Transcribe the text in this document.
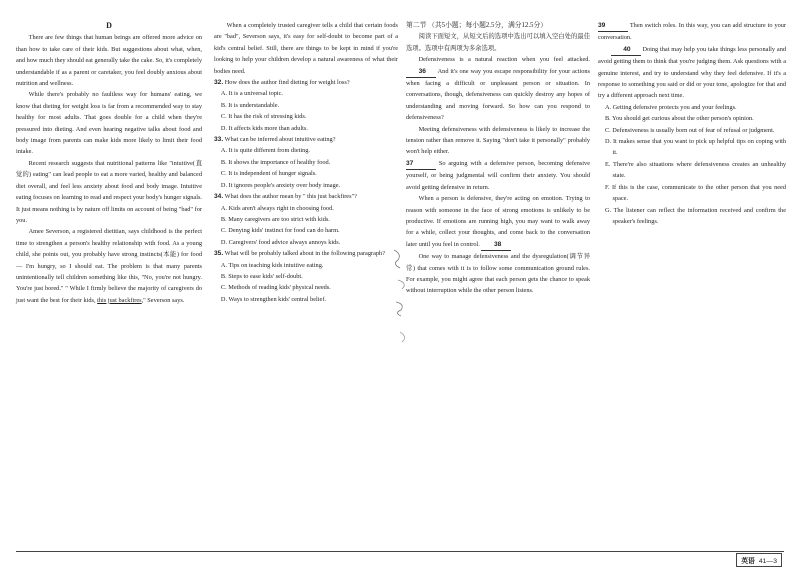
D

There are few things that human beings are offered more advice on than how to take care of their kids. But suggestions about what, when, and how much they should eat generally take the cake. So, it's completely understandable if as a parent or caretaker, you feel doubly anxious about nutrition and wellness.

While there's probably no faultless way for humans' eating, we know that dieting for weight loss is far from a recommended way to stay healthy for most adults. That goes double for a child when they're pressured into dieting. And even hearing negative talks about food and body image from parents can make kids more likely to limit their food intake.

Recent research suggests that nutritional patterns like "intuitive(直觉的) eating" can lead people to eat a more varied, healthy and balanced diet overall, and feel less anxiety about food and body image. Intuitive eating focuses on learning to read and respect your body's hunger signals. It just means nothing is by nature off limits on account of being "bad" for you.

Amee Severson, a registered dietitian, says childhood is the perfect time to strengthen a person's healthy relationship with food. As a young child, she points out, you probably have strong instincts(本能) for food — I'm hungry, so I should eat. The problem is that many parents unintentionally tell children something like this, "No, you're not hungry. You're just bored." " While I firmly believe the majority of caregivers do just want the best for their kids, this just backfires," Severson says.

When a completely trusted caregiver tells a child that certain foods are "bad", Severson says, it's easy for self-doubt to become part of a kid's central belief. Still, there are things to be kept in mind if you're looking to help your children develop a natural awareness of what their bodies need.

32. How does the author find dieting for weight loss?

A. It is a universal topic.

B. It is understandable.

C. It has the risk of stressing kids.

D. It affects kids more than adults.

33. What can be inferred about intuitive eating?

A. It is quite different from dieting.

B. It shows the importance of healthy food.

C. It is independent of hunger signals.

D. It ignores people's anxiety over body image.

34. What does the author mean by " this just backfires"?

A. Kids aren't always right in choosing food.

B. Many caregivers are too strict with kids.

C. Denying kids' instinct for food can do harm.

D. Caregivers' food advice always annoys kids.

35. What will be probably talked about in the following paragraph?

A. Tips on teaching kids intuitive eating.

B. Steps to ease kids' self-doubt.

C. Methods of reading kids' physical needs.

D. Ways to strengthen kids' central belief.

第二节 （共5小题；每小题2.5分，满分12.5分）

阅读下面短文，从短文后的选项中选出可以填入空白处的最佳选项。选项中有两项为多余选项。

Defensiveness is a natural reaction when you feel attacked. 36 And it's one way you escape responsibility for your actions when facing a difficult or unpleasant person or situation. In conversations, though, defensiveness can quickly destroy any hopes of understanding and moving forward. So how can you respond to defensiveness?

Meeting defensiveness with defensiveness is likely to increase the tension rather than remove it. Saying "don't take it personally" probably won't help either.

37	So arguing with a defensive person, becoming defensive yourself, or being judgmental will confirm their anxiety. You should avoid getting defensive in return.

When a person is defensive, they're acting on emotion. Trying to reason with someone in the face of strong emotions is unlikely to be productive. If emotions are running high, you may want to walk away for a while, collect your thoughts, and come back to the conversation later until you feel in control. 38

One way to manage defensiveness and the dysregulation(调节异常) that comes with it is to follow some communication ground rules. For example, you might agree that each person gets the chance to speak without interruption while the other person listens.

39	Then switch roles. In this way, you can add structure to your conversation.

40 Doing that may help you take things less personally and avoid getting them to think that you're judging them. Ask questions with a genuine interest, and try to understand why they feel defensive. If it's a response to something you said or did or your tone, apologize for that and try a different approach next time.

A. Getting defensive protects you and your feelings.

B. You should get curious about the other person's opinion.

C. Defensiveness is usually born out of fear of refusal or judgment.

D. It makes sense that you want to pick up helpful tips on coping with it.

E. There're also situations where defensiveness creates an unhealthy state.

F. If this is the case, communicate to the other person that you need space.

G. The listener can reflect the information received and confirm the speaker's feelings.

英语 41—3
